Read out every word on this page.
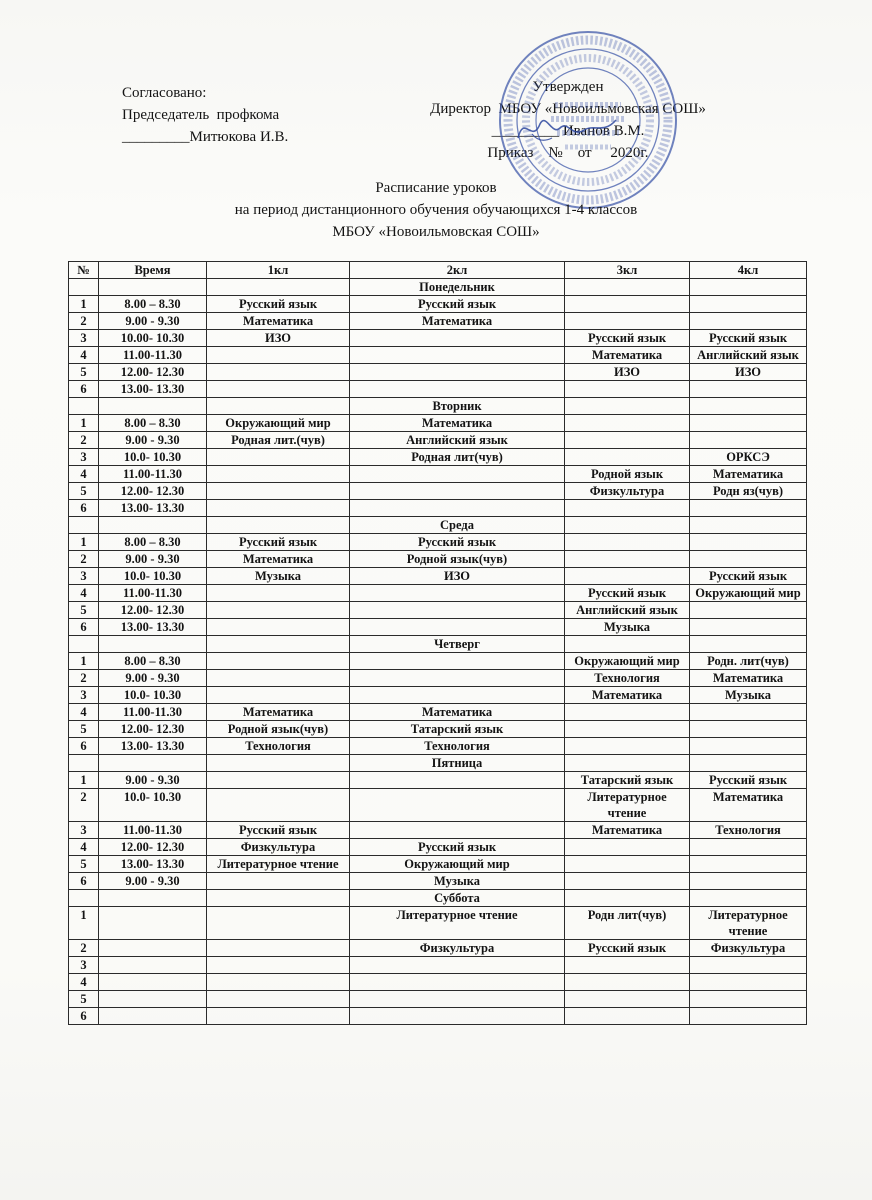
Согласовано:
Председатель  профкома
_________Митюкова И.В.
Утвержден
Директор  МБОУ «Новоильмовская СОШ»
_________ Иванов В.М.
Приказ    №    от     2020г.
Расписание уроков
на период дистанционного обучения обучающихся 1-4 классов
МБОУ «Новоильмовская СОШ»
№	Время	1кл	2кл	3кл	4кл
			Понедельник		
1	8.00 – 8.30	Русский язык	Русский язык		
2	9.00 - 9.30	Математика	Математика		
3	10.00- 10.30	ИЗО		Русский язык	Русский язык
4	11.00-11.30			Математика	Английский язык
5	12.00- 12.30			ИЗО	ИЗО
6	13.00- 13.30				
			Вторник		
1	8.00 – 8.30	Окружающий мир	Математика		
2	9.00 - 9.30	Родная лит.(чув)	Английский язык		
3	10.0- 10.30		Родная лит(чув)		ОРКСЭ
4	11.00-11.30			Родной язык	Математика
5	12.00- 12.30			Физкультура	Родн яз(чув)
6	13.00- 13.30				
			Среда		
1	8.00 – 8.30	Русский язык	Русский язык		
2	9.00 - 9.30	Математика	Родной язык(чув)		
3	10.0- 10.30	Музыка	ИЗО		Русский язык
4	11.00-11.30			Русский язык	Окружающий мир
5	12.00- 12.30			Английский язык	
6	13.00- 13.30			Музыка	
			Четверг		
1	8.00 – 8.30			Окружающий мир	Родн. лит(чув)
2	9.00 - 9.30			Технология	Математика
3	10.0- 10.30			Математика	Музыка
4	11.00-11.30	Математика	Математика		
5	12.00- 12.30	Родной язык(чув)	Татарский язык		
6	13.00- 13.30	Технология	Технология		
			Пятница		
1	9.00 - 9.30			Татарский язык	Русский язык
2	10.0- 10.30			Литературное чтение	Математика
3	11.00-11.30	Русский язык		Математика	Технология
4	12.00- 12.30	Физкультура	Русский язык		
5	13.00- 13.30	Литературное чтение	Окружающий мир		
6	9.00 - 9.30		Музыка		
			Суббота		
1			Литературное чтение	Родн лит(чув)	Литературное чтение
2			Физкультура	Русский язык	Физкультура
3					
4					
5					
6					
